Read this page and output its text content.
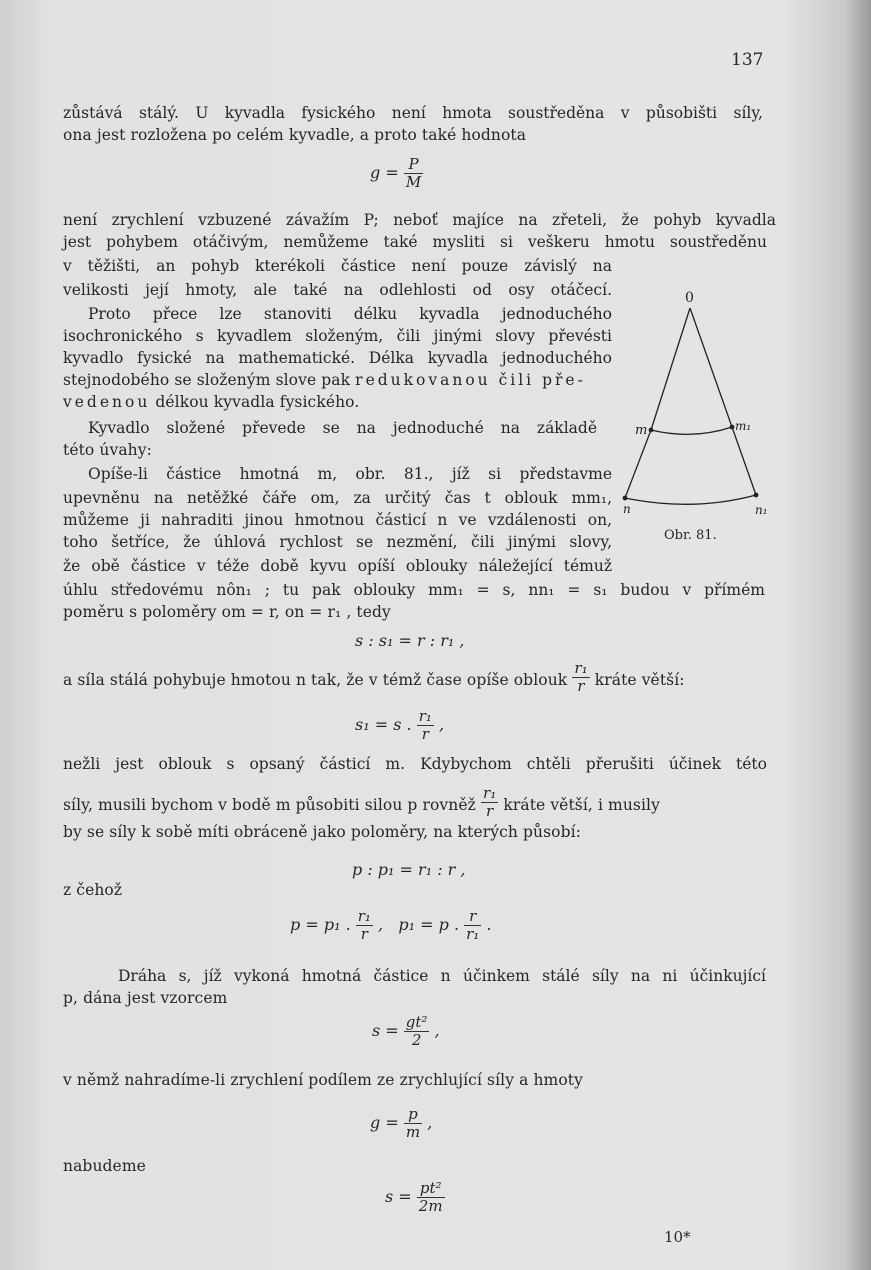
137
zůstává stálý. U kyvadla fysického není hmota soustředěna v působišti síly,
ona jest rozložena po celém kyvadle, a proto také hodnota
$g = \frac{P}{M}$
není zrychlení vzbuzené závažím P; neboť majíce na zřeteli, že pohyb kyvadla
jest pohybem otáčivým, nemůžeme také mysliti si veškeru hmotu soustředěnu
v těžišti, an pohyb kterékoli částice není pouze závislý na
velikosti její hmoty, ale také na odlehlosti od osy otáčecí.
Proto přece lze stanoviti délku kyvadla jednoduchého
isochronického s kyvadlem složeným, čili jinými slovy převésti
kyvadlo fysické na mathematické. Délka kyvadla jednoduchého
stejnodobého se složeným slove pak redukovanou čili pře-
vedenou délkou kyvadla fysického.
Kyvadlo složené převede se na jednoduché na základě
této úvahy:
Opíše-li částice hmotná m, obr. 81., jíž si představme
upevněnu na netěžké čáře om, za určitý čas t oblouk mm₁,
můžeme ji nahraditi jinou hmotnou částicí n ve vzdálenosti on,
toho šetříce, že úhlová rychlost se nezmění, čili jinými slovy,
že obě částice v téže době kyvu opíší oblouky náležející témuž
úhlu středovému nôn₁ ; tu pak oblouky mm₁ = s, nn₁ = s₁ budou v přímém
poměru s poloměry om = r, on = r₁ , tedy
0
m	m₁
n	n₁
Obr. 81.
s : s₁ = r : r₁ ,
a síla stálá pohybuje hmotou n tak, že v témž čase opíše oblouk $\frac{\text{r₁}}{r}$ kráte větší:
s₁ = s . $\frac{\text{r₁}}{r}$ ,
nežli jest oblouk s opsaný částicí m. Kdybychom chtěli přerušiti účinek této
síly, musili bychom v bodě m působiti silou p rovněž $\frac{\text{r₁}}{r}$ kráte větší, i musily
by se síly k sobě míti obráceně jako poloměry, na kterých působí:
p : p₁ = r₁ : r ,
z čehož
p = p₁ . $\frac{\text{r₁}}{r}$ , p₁ = p . $\frac{r}{\text{r₁}}$ .
Dráha s, jíž vykoná hmotná částice n účinkem stálé síly na ni účinkující
p, dána jest vzorcem
$s = \frac{\text{gt²}}{2}$ ,
v němž nahradíme-li zrychlení podílem ze zrychlující síly a hmoty
$g = \frac{p}{m}$ ,
nabudeme
$s = \frac{\text{pt²}}{2m}$
10*
